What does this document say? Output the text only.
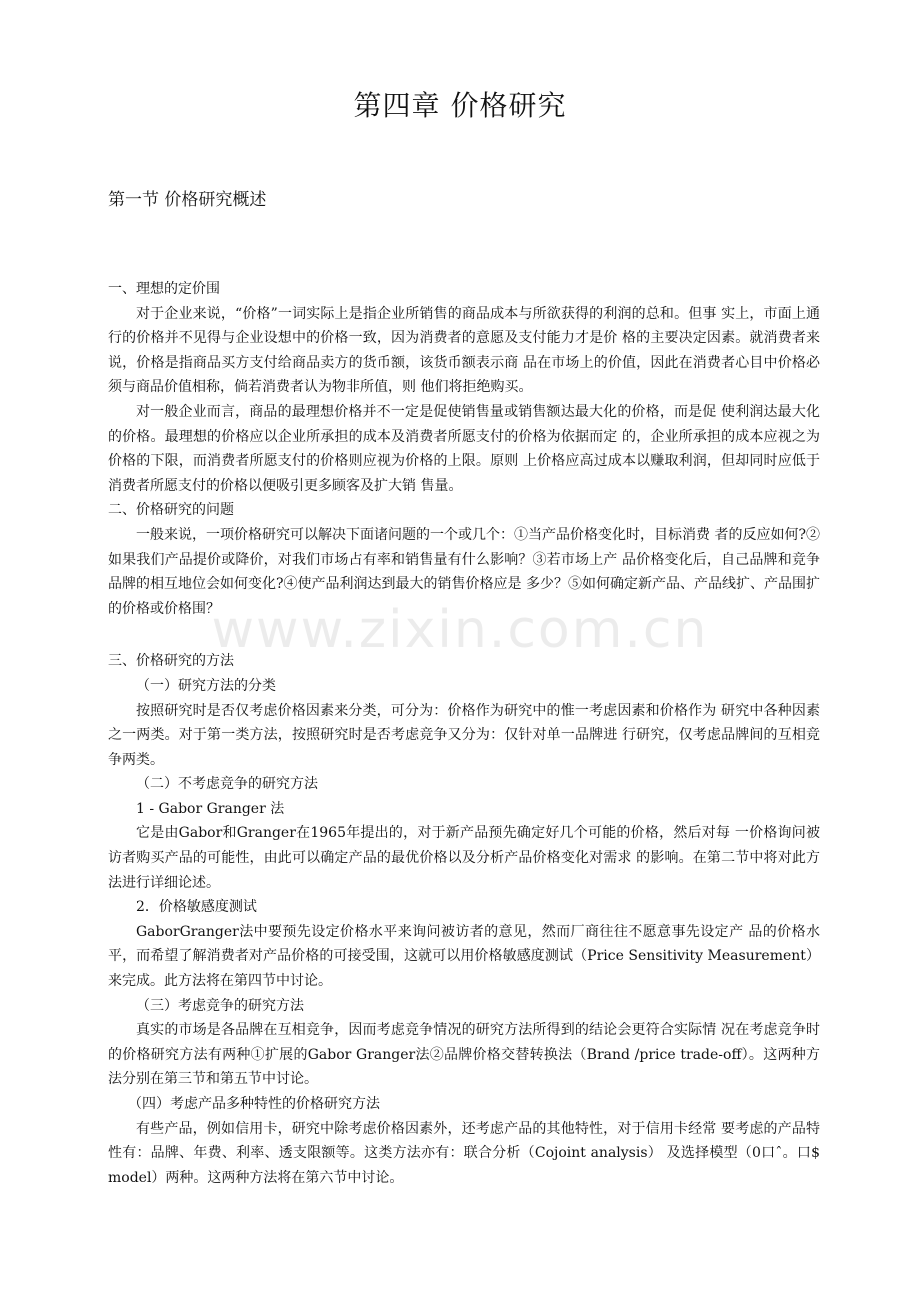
第四章 价格研究
第一节 价格研究概述
www.zixin.com.cn

一、理想的定价围

对于企业来说，“价格”一词实际上是指企业所销售的商品成本与所欲获得的利润的总和。但事 实上，市面上通行的价格并不见得与企业设想中的价格一致，因为消费者的意愿及支付能力才是价 格的主要决定因素。就消费者来说，价格是指商品买方支付给商品卖方的货币额，该货币额表示商 品在市场上的价值，因此在消费者心目中价格必须与商品价值相称，倘若消费者认为物非所值，则 他们将拒绝购买。

对一般企业而言，商品的最理想价格并不一定是促使销售量或销售额达最大化的价格，而是促 使利润达最大化的价格。最理想的价格应以企业所承担的成本及消费者所愿支付的价格为依据而定 的，企业所承担的成本应视之为价格的下限，而消费者所愿支付的价格则应视为价格的上限。原则 上价格应高过成本以赚取利润，但却同时应低于消费者所愿支付的价格以便吸引更多顾客及扩大销 售量。

二、价格研究的问题

一般来说，一项价格研究可以解决下面诸问题的一个或几个：①当产品价格变化时，目标消费 者的反应如何?②如果我们产品提价或降价，对我们市场占有率和销售量有什么影响？③若市场上产 品价格变化后，自己品牌和竞争品牌的相互地位会如何变化?④使产品利润达到最大的销售价格应是 多少？⑤如何确定新产品、产品线扩、产品围扩的价格或价格围？

三、价格研究的方法

（一）研究方法的分类

按照研究时是否仅考虑价格因素来分类，可分为：价格作为研究中的惟一考虑因素和价格作为 研究中各种因素之一两类。对于第一类方法，按照研究时是否考虑竞争又分为：仅针对单一品牌进 行研究，仅考虑品牌间的互相竞争两类。

（二）不考虑竞争的研究方法

1 - Gabor Granger 法

它是由Gabor和Granger在1965年提出的，对于新产品预先确定好几个可能的价格，然后对每 一价格询问被访者购买产品的可能性，由此可以确定产品的最优价格以及分析产品价格变化对需求 的影响。在第二节中将对此方法进行详细论述。

2．价格敏感度测试

GaborGranger法中要预先设定价格水平来询问被访者的意见，然而厂商往往不愿意事先设定产 品的价格水平，而希望了解消费者对产品价格的可接受围，这就可以用价格敏感度测试（Price Sensitivity Measurement）来完成。此方法将在第四节中讨论。

（三）考虑竞争的研究方法

真实的市场是各品牌在互相竞争，因而考虑竞争情况的研究方法所得到的结论会更符合实际情 况在考虑竞争时的价格研究方法有两种①扩展的Gabor Granger法②品牌价格交替转换法（Brand /price trade-off）。这两种方法分别在第三节和第五节中讨论。

（四）考虑产品多种特性的价格研究方法

有些产品，例如信用卡，研究中除考虑价格因素外，还考虑产品的其他特性，对于信用卡经常 要考虑的产品特性有：品牌、年费、利率、透支限额等。这类方法亦有：联合分析（Cojoint analysis） 及选择模型（0口ˆ。口$ model）两种。这两种方法将在第六节中讨论。
